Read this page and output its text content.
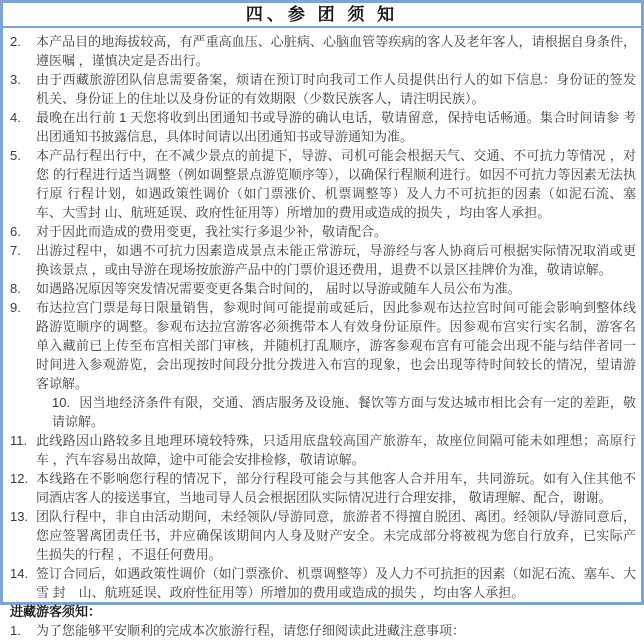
四、参 团 须 知
2.	本产品目的地海拔较高，有严重高血压、心脏病、心脑血管等疾病的客人及老年客人，请根据自身条件， 遵医嘱 ，谨慎决定是否出行。
3.	由于西藏旅游团队信息需要备案，烦请在预订时向我司工作人员提供出行人的如下信息：身份证的签发 机关、身份证上的住址以及身份证的有效期限（少数民族客人，请注明民族）。
4.	最晚在出行前 1 天您将收到出团通知书或导游的确认电话，敬请留意，保持电话畅通。集合时间请参 考出团通知书披露信息，具体时间请以出团通知书或导游通知为准。
5.	本产品行程出行中，在不减少景点的前提下，导游、司机可能会根据天气、交通、不可抗力等情况 ，对您 的行程进行适当调整（例如调整景点游览顺序等），以确保行程顺利进行。如因不可抗力等因素无法执行原 行程计划，如遇政策性调价（如门票涨价、机票调整等）及人力不可抗拒的因素（如泥石流、塞车、大雪封 山、航班延误、政府性征用等）所增加的费用或造成的损失 ，均由客人承担。
6.	对于因此而造成的费用变更，我社实行多退少补，敬请配合。
7.	出游过程中，如遇不可抗力因素造成景点未能正常游玩，导游经与客人协商后可根据实际情况取消或更 换该景点 ，或由导游在现场按旅游产品中的门票价退还费用，退费不以景区挂牌价为准，敬请谅解。
8.	如遇路况原因等突发情况需要变更各集合时间的， 届时以导游或随车人员公布为准。
9.	布达拉宫门票是每日限量销售，参观时间可能提前或延后，因此参观布达拉宫时间可能会影响到整体线 路游览顺序的调整。参观布达拉宫游客必须携带本人有效身份证原件。因参观布宫实行实名制，游客名 单入藏前已上传至布宫相关部门审核，并随机打乱顺序，游客参观布宫有可能会出现不能与结伴者同一 时间进入参观游览，会出现按时间段分批分拨进入布宫的现象，也会出现等待时间较长的情况，望请游 客谅解。
10. 因当地经济条件有限，交通、酒店服务及设施、餐饮等方面与发达城市相比会有一定的差距，敬请谅解。
11. 此线路因山路较多且地理环境较特殊，只适用底盘较高国产旅游车，故座位间隔可能未如理想；高原行 车 ，汽车容易出故障，途中可能会安排检修，敬请谅解。
12. 本线路在不影响您行程的情况下，部分行程段可能会与其他客人合并用车，共同游玩。如有入住其他不 同酒店客人的接送事宜，当地司导人员会根据团队实际情况进行合理安排， 敬请理解、配合，谢谢。
13. 团队行程中，非自由活动期间，未经领队/导游同意，旅游者不得擅自脱团、离团。经领队/导游同意后， 您应签署离团责任书，并应确保该期间内人身及财产安全。未完成部分将被视为您自行放弃，已实际产 生损失的行程 ，不退任何费用。
14. 签订合同后，如遇政策性调价（如门票涨价、机票调整等）及人力不可抗拒的因素（如泥石流、塞车、大雪 封　山、航班延误、政府性征用等）所增加的费用或造成的损失 ，均由客人承担。
进藏游客须知：
1.	为了您能够平安顺利的完成本次旅游行程，请您仔细阅读此进藏注意事项：
